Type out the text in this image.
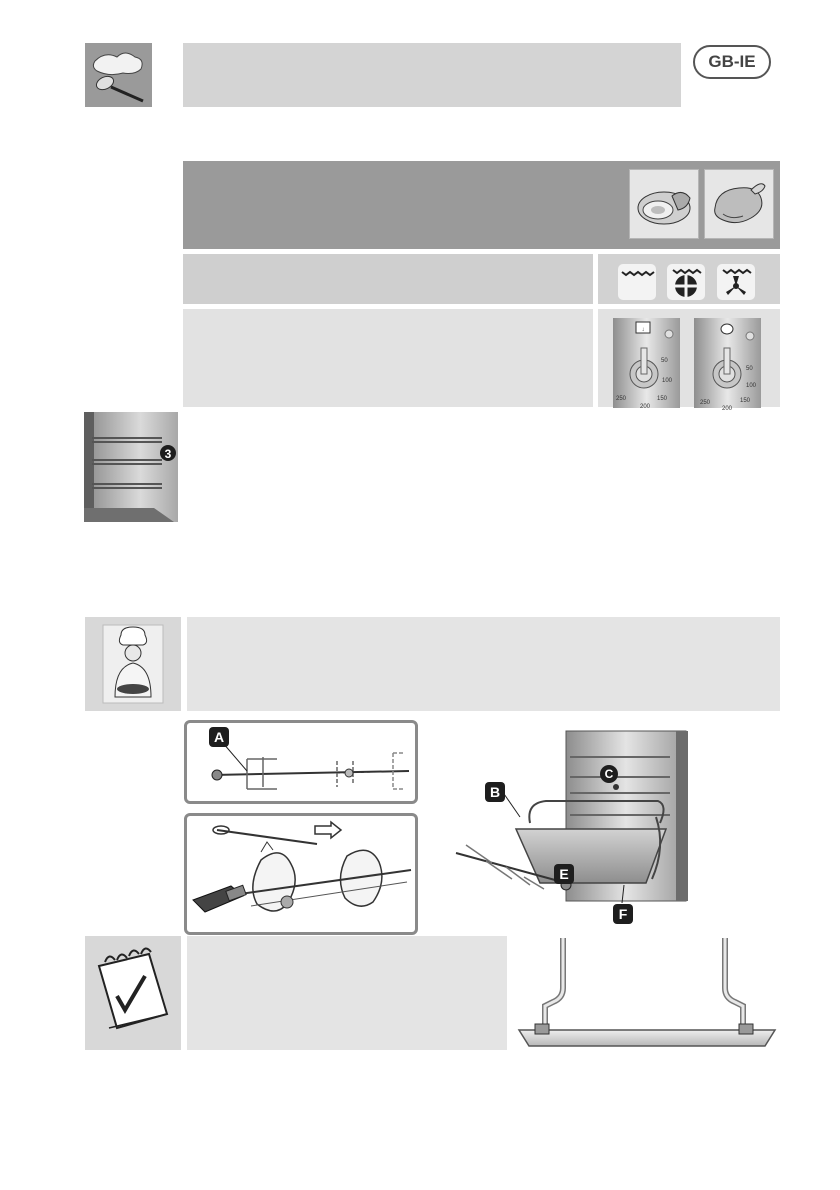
GB-IE
↓
50
100
150
200
250
50
100
150
200
250
3
A
B
C
E
F
